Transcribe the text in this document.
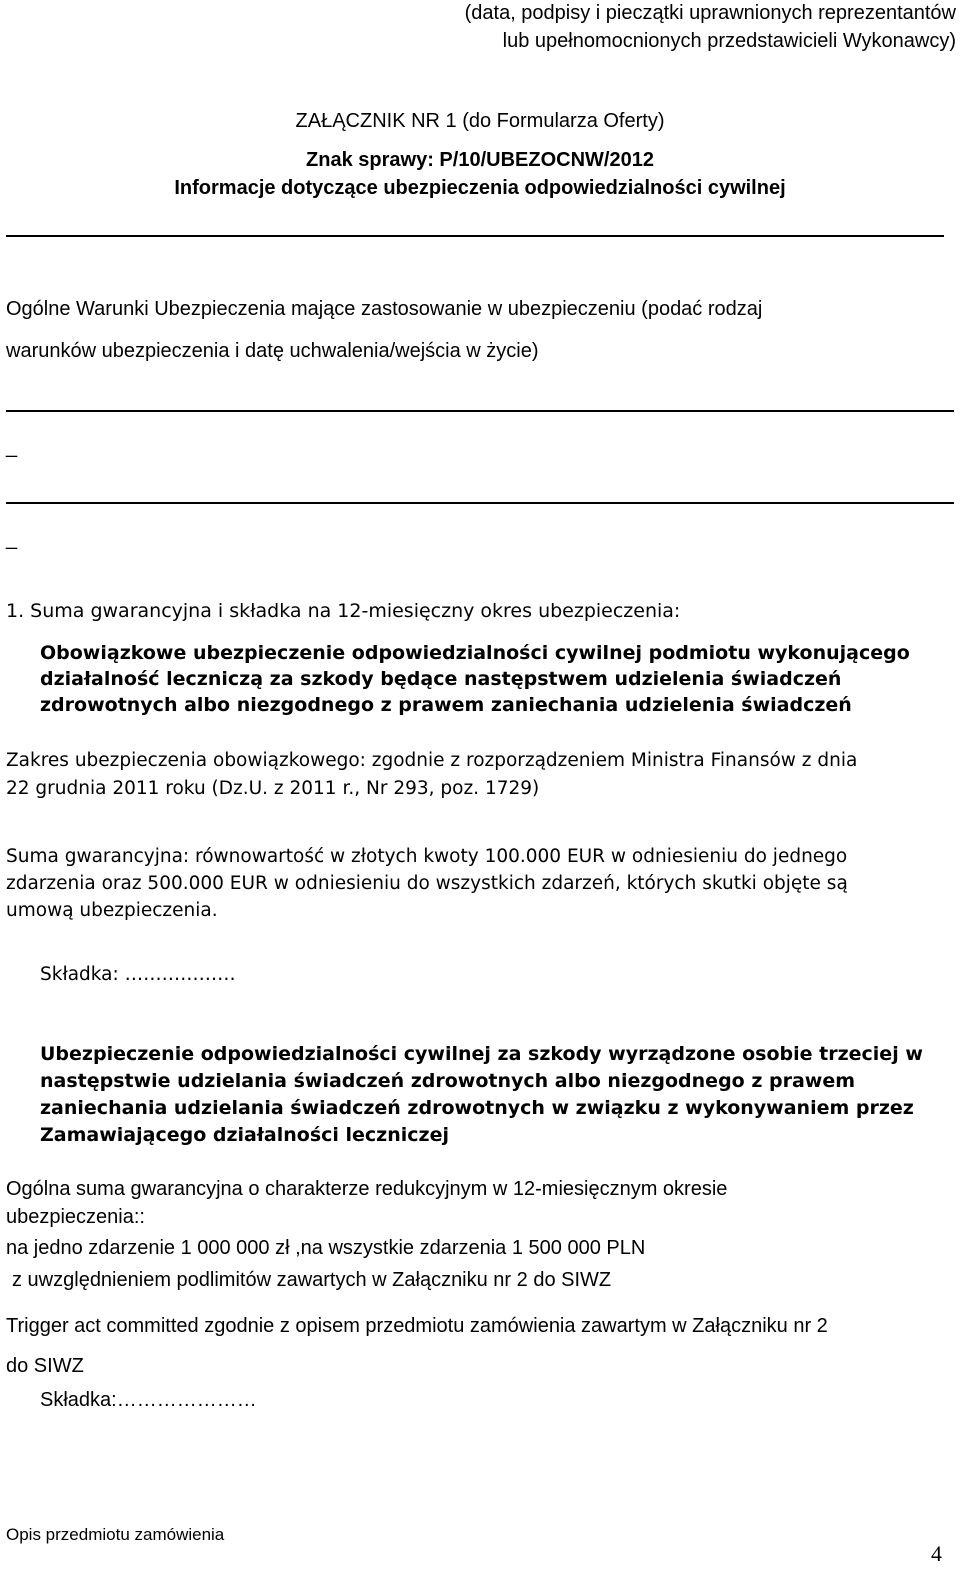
(data, podpisy i pieczątki uprawnionych reprezentantów
lub upełnomocnionych przedstawicieli Wykonawcy)
ZAŁĄCZNIK NR 1 (do Formularza Oferty)
Znak sprawy: P/10/UBEZOCNW/2012
Informacje dotyczące ubezpieczenia odpowiedzialności cywilnej
Ogólne Warunki Ubezpieczenia mające zastosowanie w ubezpieczeniu (podać rodzaj
warunków ubezpieczenia i datę uchwalenia/wejścia w życie)
_
_
1. Suma gwarancyjna i składka na 12-miesięczny okres ubezpieczenia:
Obowiązkowe ubezpieczenie odpowiedzialności cywilnej podmiotu wykonującego
działalność leczniczą za szkody będące następstwem udzielenia świadczeń
zdrowotnych albo niezgodnego z prawem zaniechania udzielenia świadczeń
Zakres ubezpieczenia obowiązkowego: zgodnie z rozporządzeniem Ministra Finansów z dnia
22 grudnia 2011 roku (Dz.U. z 2011 r., Nr 293, poz. 1729)
Suma gwarancyjna: równowartość w złotych kwoty 100.000 EUR w odniesieniu do jednego
zdarzenia oraz 500.000 EUR w odniesieniu do wszystkich zdarzeń, których skutki objęte są
umową ubezpieczenia.
Składka: ………………
Ubezpieczenie odpowiedzialności cywilnej za szkody wyrządzone osobie trzeciej w
następstwie udzielania świadczeń zdrowotnych albo niezgodnego z prawem
zaniechania udzielania świadczeń zdrowotnych w związku z wykonywaniem przez
Zamawiającego działalności leczniczej
Ogólna suma gwarancyjna o charakterze redukcyjnym w 12-miesięcznym okresie
ubezpieczenia::
na jedno zdarzenie 1 000 000 zł ,na wszystkie zdarzenia 1 500 000 PLN
z uwzględnieniem podlimitów zawartych w Załączniku nr 2 do SIWZ
Trigger act committed zgodnie z opisem przedmiotu zamówienia zawartym w Załączniku nr 2
do SIWZ
Składka:…………………
Opis przedmiotu zamówienia
4
